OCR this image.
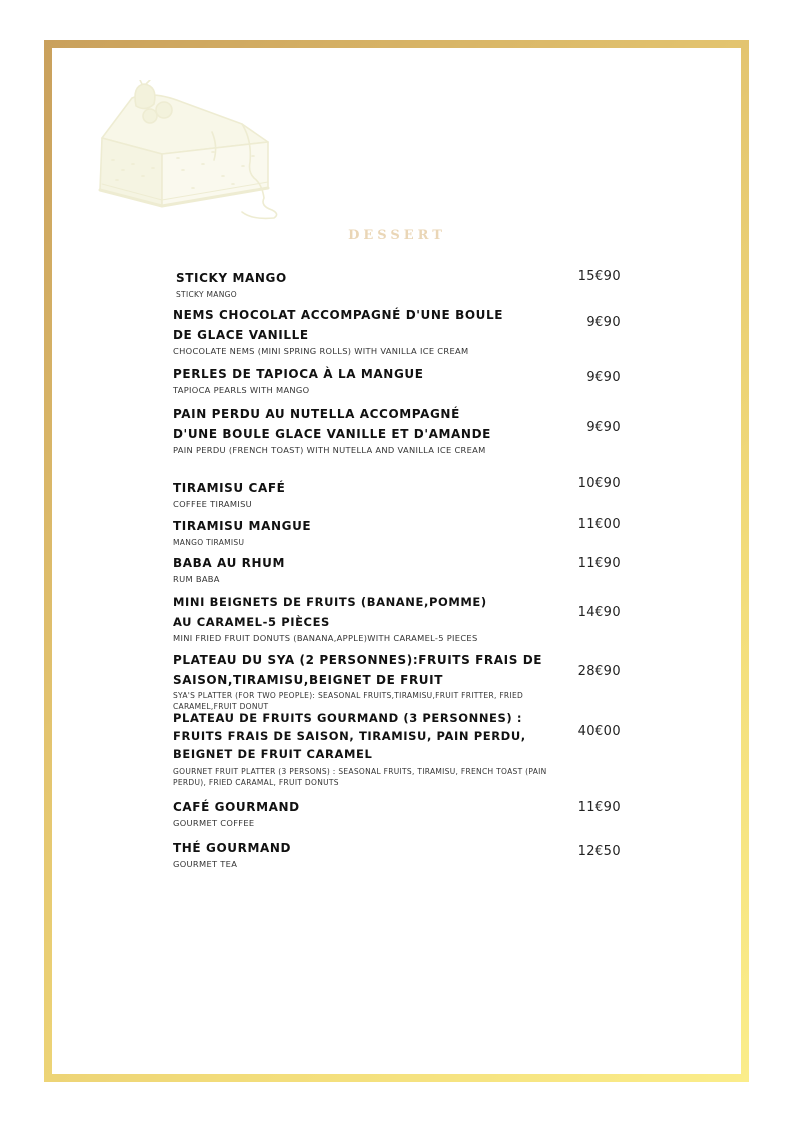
DESSERT
STICKY MANGO
STICKY MANGO
15€90
NEMS CHOCOLAT ACCOMPAGNÉ D'UNE BOULE DE GLACE VANILLE
CHOCOLATE NEMS (MINI SPRING ROLLS) WITH VANILLA ICE CREAM
9€90
PERLES DE TAPIOCA À LA MANGUE
TAPIOCA PEARLS WITH MANGO
9€90
PAIN PERDU AU NUTELLA ACCOMPAGNÉ D'UNE BOULE GLACE VANILLE ET D'AMANDE
PAIN PERDU (FRENCH TOAST) WITH NUTELLA AND VANILLA ICE CREAM
9€90
TIRAMISU CAFÉ
COFFEE TIRAMISU
10€90
TIRAMISU MANGUE
MANGO TIRAMISU
11€00
BABA AU RHUM
RUM BABA
11€90
MINI BEIGNETS DE FRUITS (BANANE,POMME) AU CARAMEL-5 PIÈCES
MINI FRIED FRUIT DONUTS (BANANA,APPLE)WITH CARAMEL-5 PIECES
14€90
PLATEAU DU SYA (2 PERSONNES):FRUITS FRAIS DE SAISON,TIRAMISU,BEIGNET DE FRUIT
SYA'S PLATTER (FOR TWO PEOPLE): SEASONAL FRUITS,TIRAMISU,FRUIT FRITTER, FRIED CARAMEL,FRUIT DONUT
28€90
PLATEAU DE FRUITS GOURMAND (3 PERSONNES) : FRUITS FRAIS DE SAISON, TIRAMISU, PAIN PERDU, BEIGNET DE FRUIT CARAMEL
GOURNET FRUIT PLATTER (3 PERSONS) : SEASONAL FRUITS, TIRAMISU, FRENCH TOAST (PAIN PERDU), FRIED CARAMAL, FRUIT DONUTS
40€00
CAFÉ GOURMAND
GOURMET COFFEE
11€90
THÉ GOURMAND
GOURMET TEA
12€50
